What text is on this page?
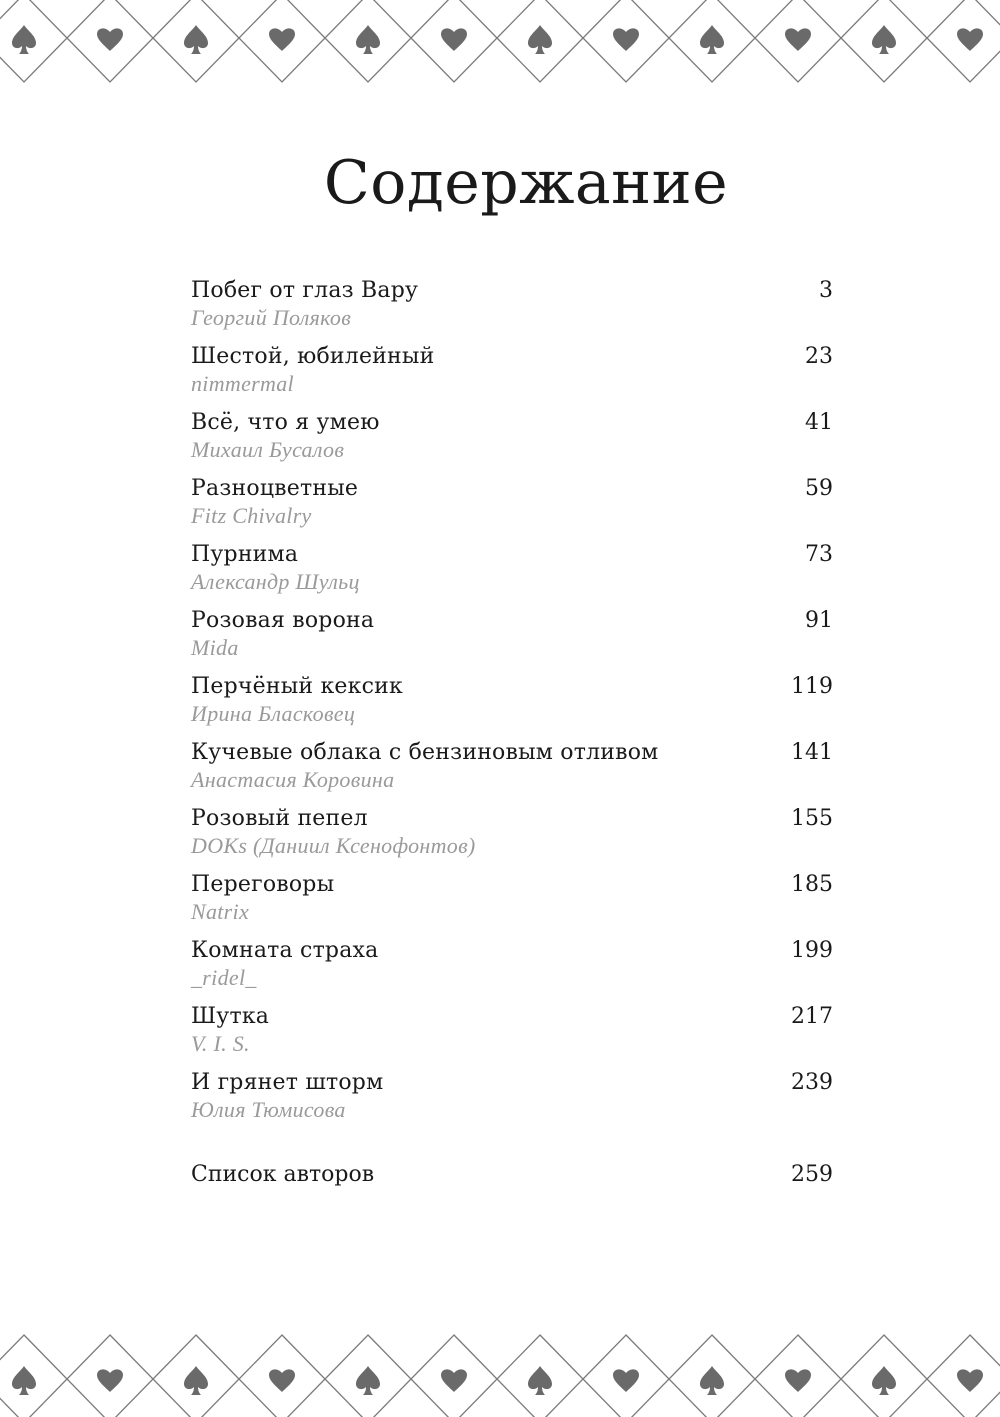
Содержание
Побег от глаз Вару	3
Георгий Поляков
Шестой, юбилейный	23
nimmermal
Всё, что я умею	41
Михаил Бусалов
Разноцветные	59
Fitz Chivalry
Пурнима	73
Александр Шульц
Розовая ворона	91
Mida
Перчёный кексик	119
Ирина Бласковец
Кучевые облака с бензиновым отливом	141
Анастасия Коровина
Розовый пепел	155
DOKs (Даниил Ксенофонтов)
Переговоры	185
Natrix
Комната страха	199
_ridel_
Шутка	217
V. I. S.
И грянет шторм	239
Юлия Тюмисова
Список авторов	259
